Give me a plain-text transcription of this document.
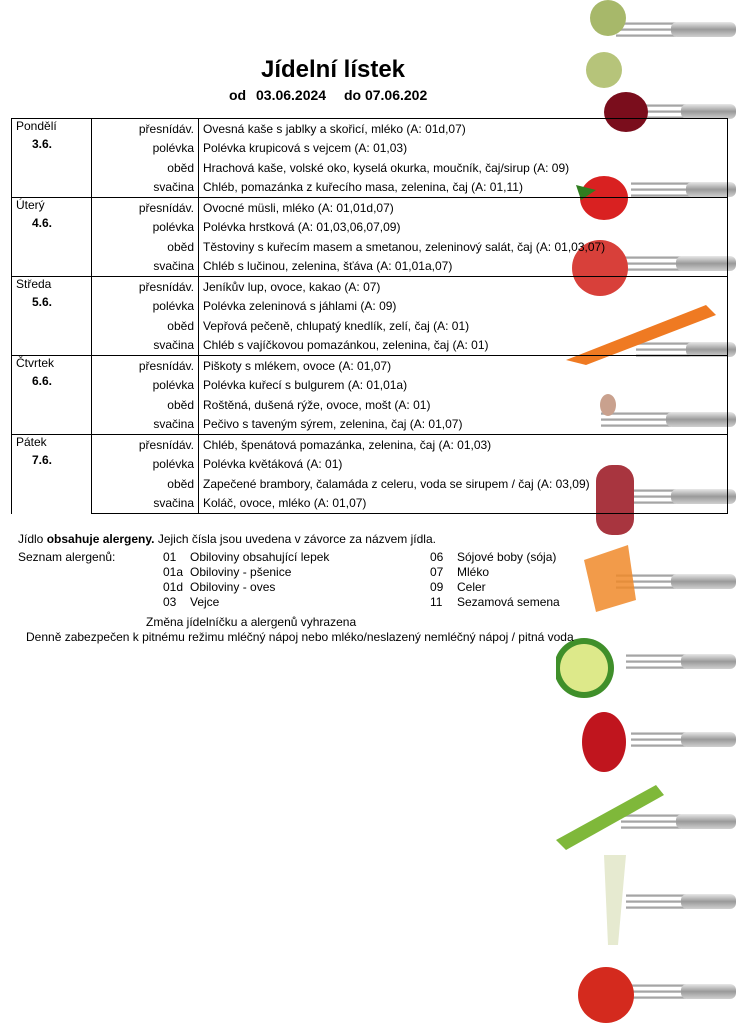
Jídelní lístek
od 03.06.2024 do 07.06.202
Pondělí
3.6.	přesnídáv.	Ovesná kaše s jablky a skořicí, mléko (A: 01d,07)
	polévka	Polévka krupicová s vejcem (A: 01,03)
	oběd	Hrachová kaše, volské oko, kyselá okurka, moučník, čaj/sirup (A: 09)
	svačina	Chléb, pomazánka z kuřecího masa, zelenina, čaj (A: 01,11)

Úterý
4.6.	přesnídáv.	Ovocné müsli, mléko (A: 01,01d,07)
	polévka	Polévka hrstková (A: 01,03,06,07,09)
	oběd	Těstoviny s kuřecím masem a smetanou, zeleninový salát, čaj (A: 01,03,07)
	svačina	Chléb s lučinou, zelenina, šťáva (A: 01,01a,07)

Středa
5.6.	přesnídáv.	Jeníkův lup, ovoce, kakao (A: 07)
	polévka	Polévka zeleninová s jáhlami (A: 09)
	oběd	Vepřová pečeně, chlupatý knedlík, zelí, čaj (A: 01)
	svačina	Chléb s vajíčkovou pomazánkou, zelenina, čaj (A: 01)

Čtvrtek
6.6.	přesnídáv.	Piškoty s mlékem, ovoce (A: 01,07)
	polévka	Polévka kuřecí s bulgurem (A: 01,01a)
	oběd	Roštěná, dušená rýže, ovoce, mošt (A: 01)
	svačina	Pečivo s taveným sýrem, zelenina, čaj (A: 01,07)

Pátek
7.6.	přesnídáv.	Chléb, špenátová pomazánka, zelenina, čaj (A: 01,03)
	polévka	Polévka květáková (A: 01)
	oběd	Zapečené brambory, čalamáda z celeru, voda se sirupem / čaj (A: 03,09)
	svačina	Koláč, ovoce, mléko (A: 01,07)
Jídlo obsahuje alergeny. Jejich čísla jsou uvedena v závorce za názvem jídla.
Seznam alergenů:	01 Obiloviny obsahující lepek
01a Obiloviny - pšenice
01d Obiloviny - oves
03 Vejce
06 Sójové boby (sója)
07 Mléko
09 Celer
11 Sezamová semena
Změna jídelníčku a alergenů vyhrazena
Denně zabezpečen k pitnému režimu mléčný nápoj nebo mléko/neslazený nemléčný nápoj / pitná voda
